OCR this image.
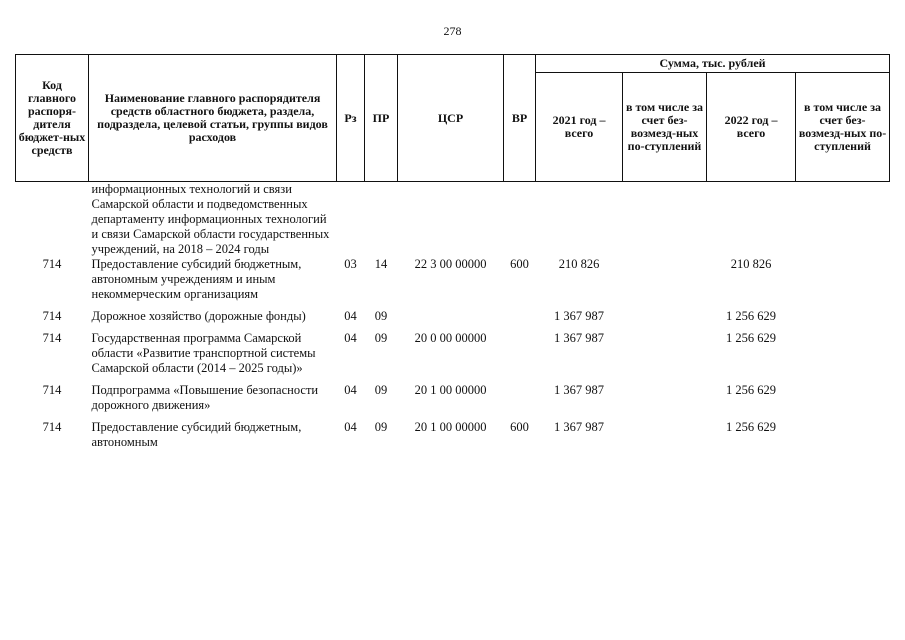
278
Код главного распоря-дителя бюджет-ных средств	Наименование главного распорядителя средств областного бюджета, раздела, подраздела, целевой статьи, группы видов расходов	Рз	ПР	ЦСР	ВР	Сумма, тыс. рублей			
						2021 год – всего	в том числе за счет без-возмезд-ных по-ступлений	2022 год – всего	в том числе за счет без-возмезд-ных по-ступлений
	информационных технологий и связи Самарской области и подведомственных департаменту информационных технологий и связи Самарской области государственных учреждений, на 2018 – 2024 годы								
714	Предоставление субсидий бюджетным, автономным учреждениям и иным некоммерческим организациям	03	14	22 3 00 00000	600	210 826		210 826	
714	Дорожное хозяйство (дорожные фонды)	04	09			1 367 987		1 256 629	
714	Государственная программа Самарской области «Развитие транспортной системы Самарской области (2014 – 2025 годы)»	04	09	20 0 00 00000		1 367 987		1 256 629	
714	Подпрограмма «Повышение безопасности дорожного движения»	04	09	20 1 00 00000		1 367 987		1 256 629	
714	Предоставление субсидий бюджетным, автономным	04	09	20 1 00 00000	600	1 367 987		1 256 629	
